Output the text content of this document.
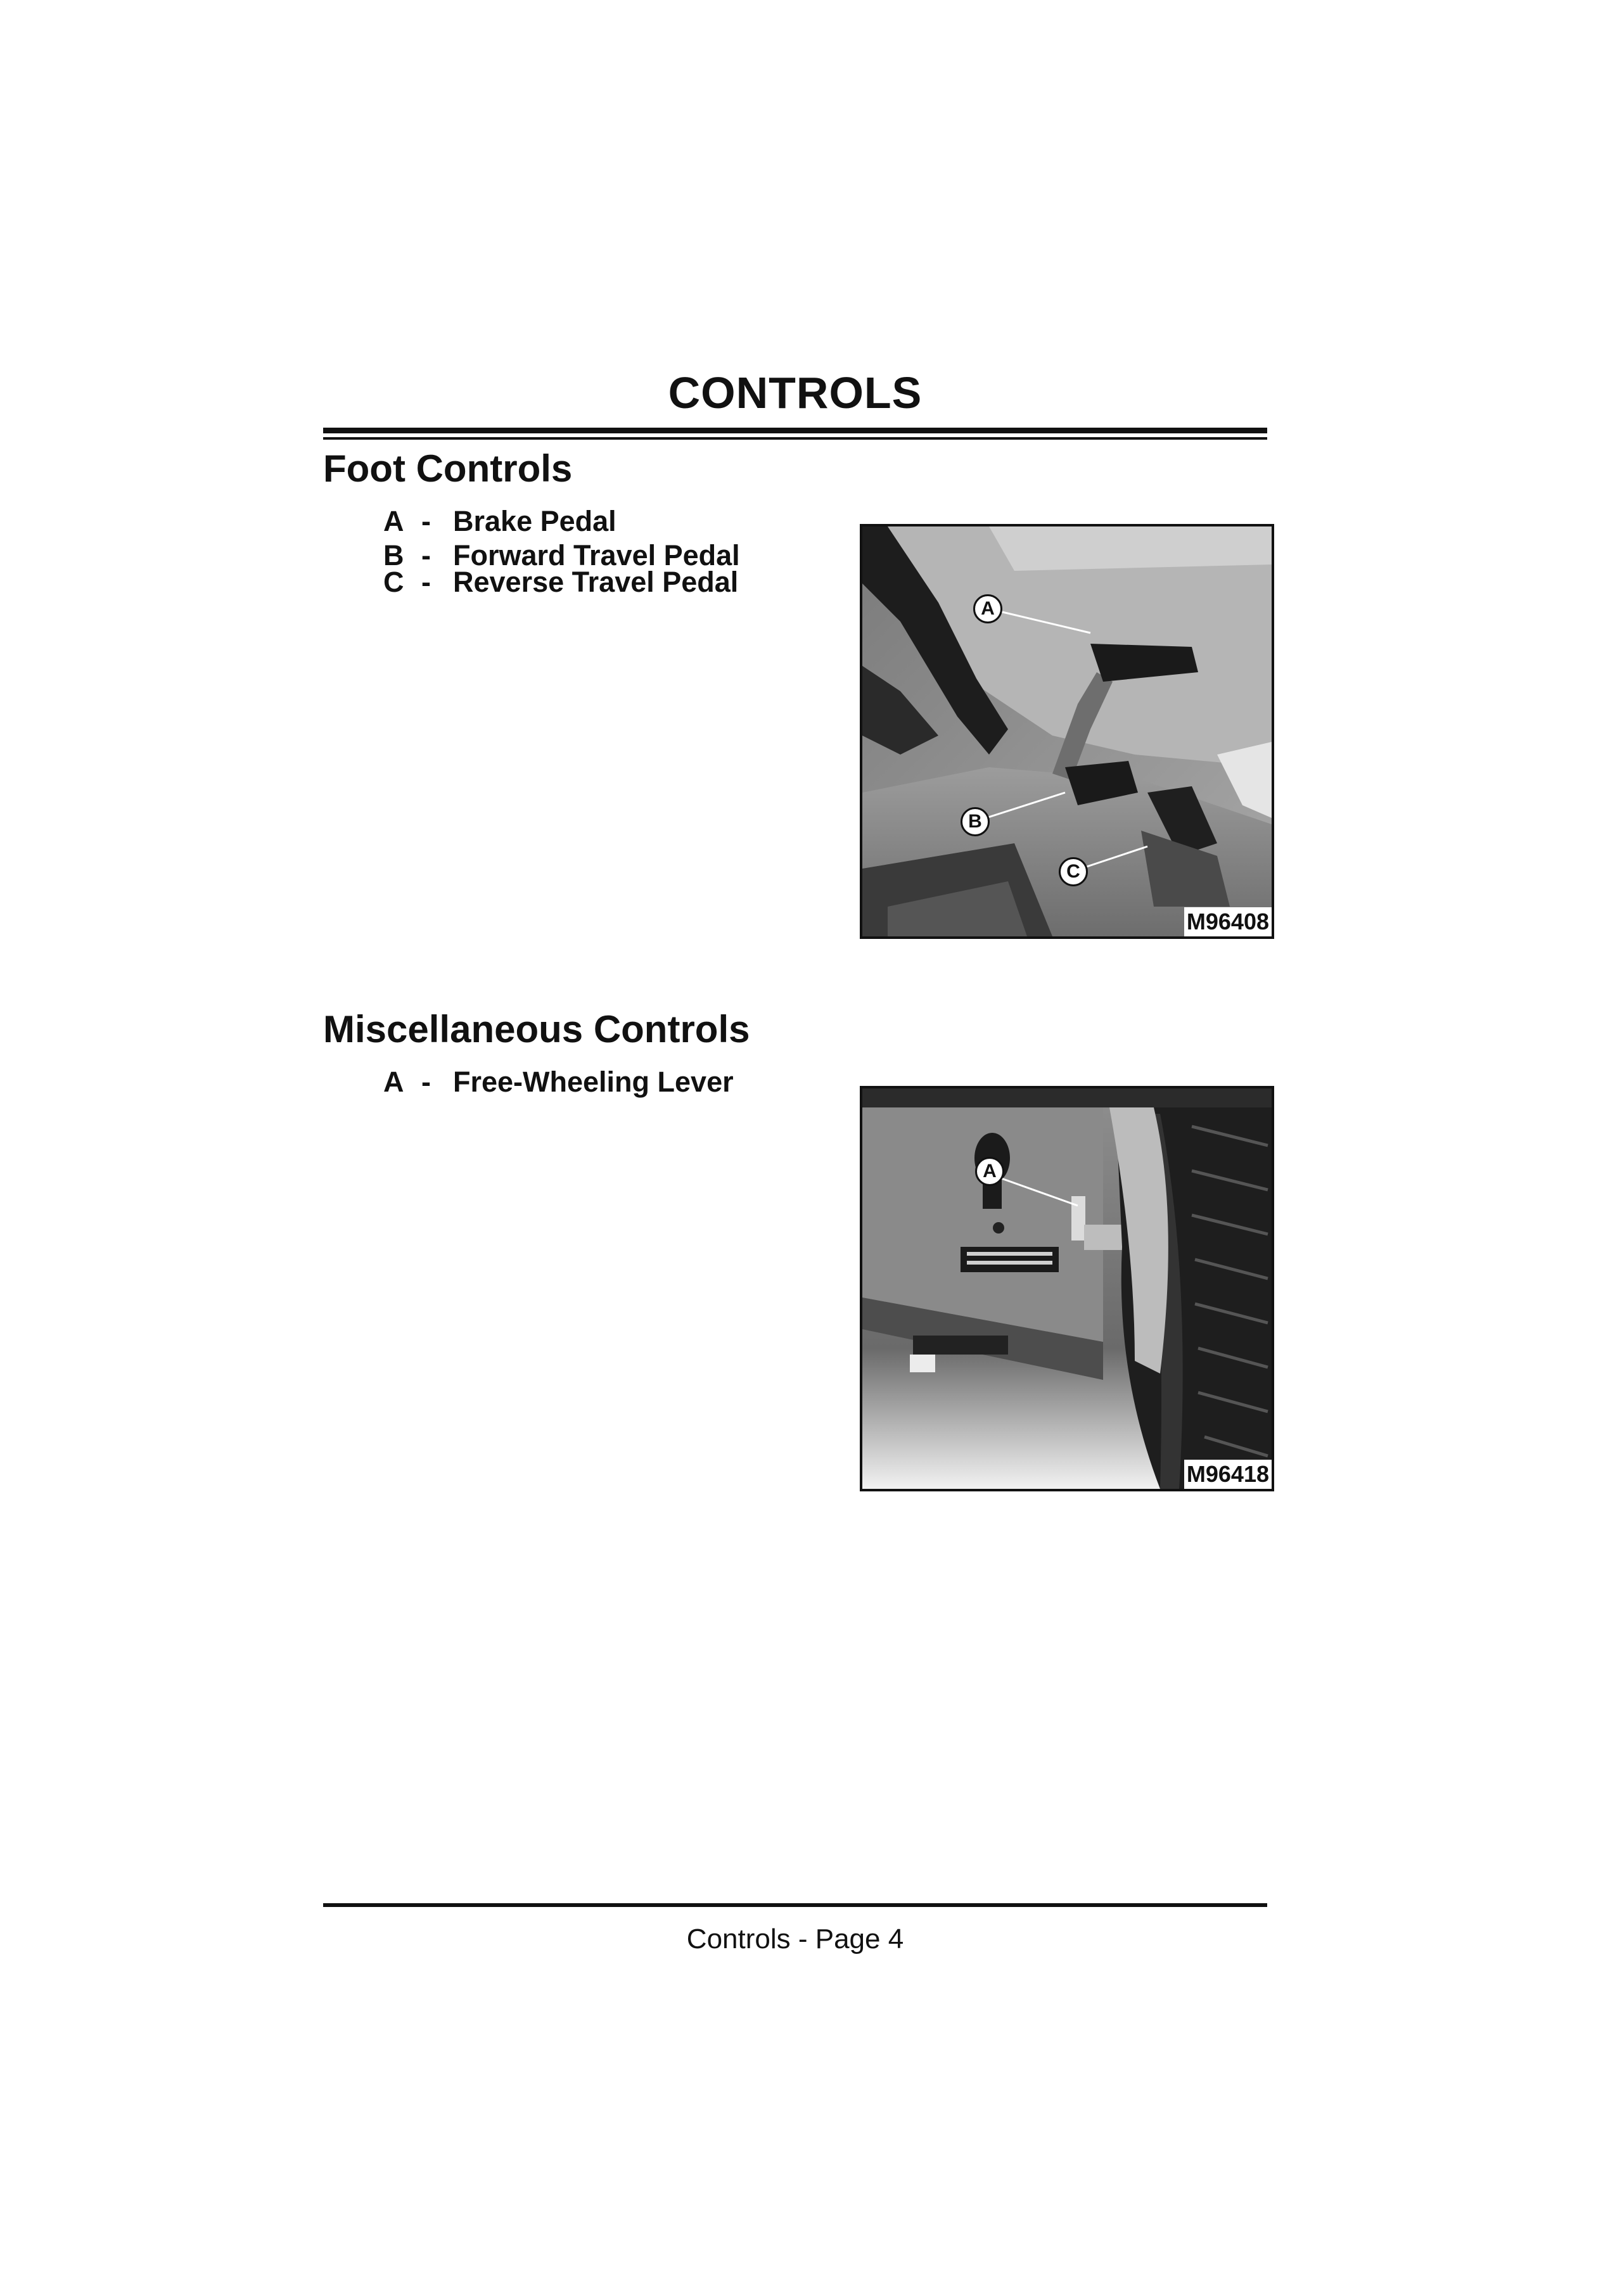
CONTROLS
Foot Controls
A - Brake Pedal
B - Forward Travel Pedal
C - Reverse Travel Pedal
A
B
C
M96408
Miscellaneous Controls
A - Free-Wheeling Lever
A
M96418
Controls - Page 4
